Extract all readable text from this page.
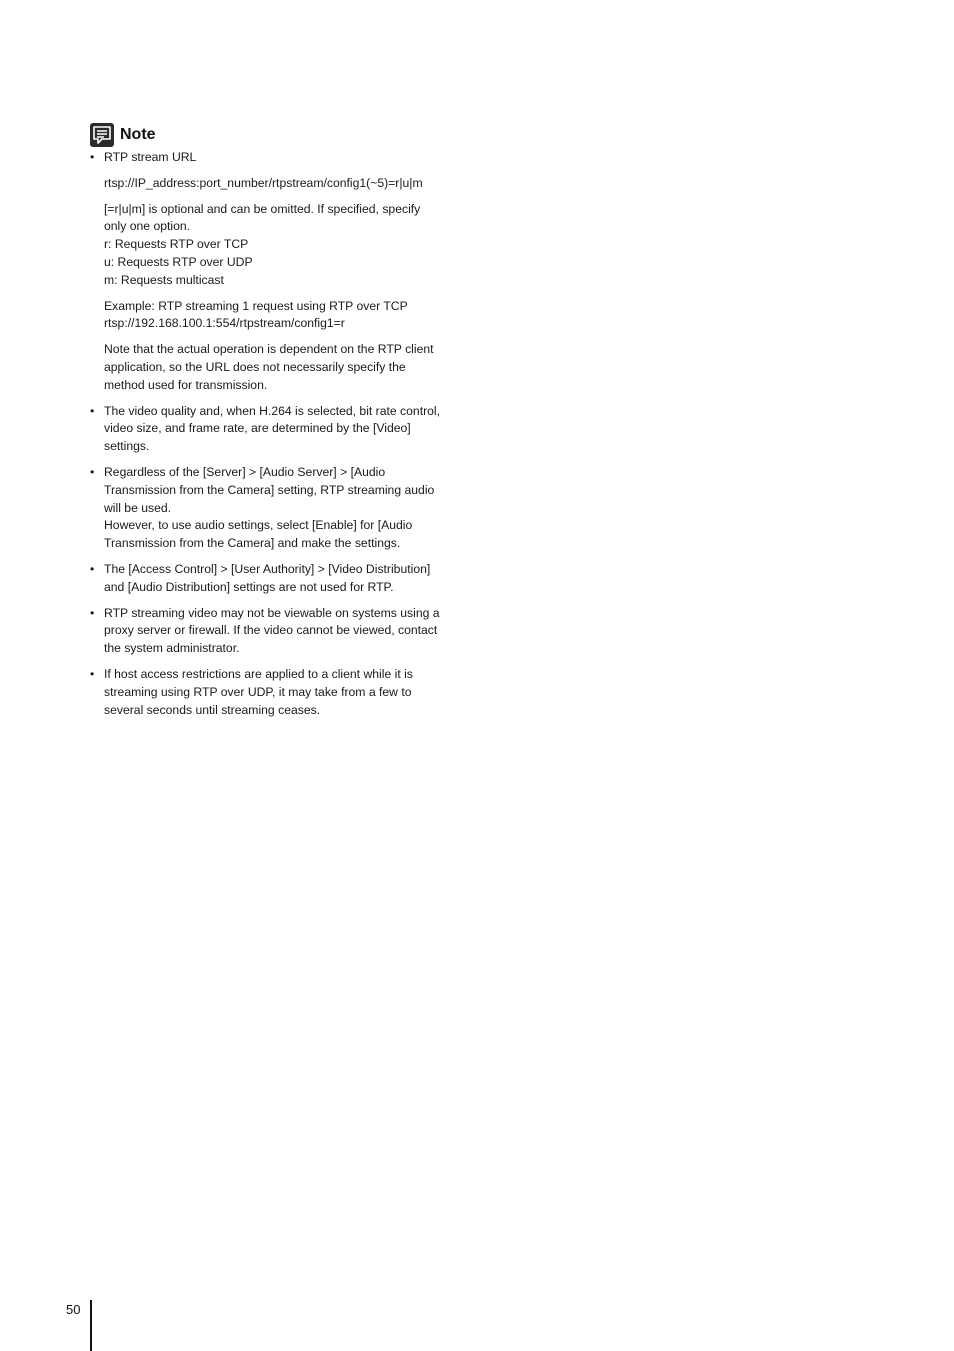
Note
• RTP stream URL

rtsp://IP_address:port_number/rtpstream/config1(~5)=r|u|m

[=r|u|m] is optional and can be omitted. If specified, specify
only one option.
r: Requests RTP over TCP
u: Requests RTP over UDP
m: Requests multicast

Example: RTP streaming 1 request using RTP over TCP
rtsp://192.168.100.1:554/rtpstream/config1=r

Note that the actual operation is dependent on the RTP client
application, so the URL does not necessarily specify the
method used for transmission.

• The video quality and, when H.264 is selected, bit rate control,
video size, and frame rate, are determined by the [Video]
settings.

• Regardless of the [Server] > [Audio Server] > [Audio
Transmission from the Camera] setting, RTP streaming audio
will be used.
However, to use audio settings, select [Enable] for [Audio
Transmission from the Camera] and make the settings.

• The [Access Control] > [User Authority] > [Video Distribution]
and [Audio Distribution] settings are not used for RTP.

• RTP streaming video may not be viewable on systems using a
proxy server or firewall. If the video cannot be viewed, contact
the system administrator.

• If host access restrictions are applied to a client while it is
streaming using RTP over UDP, it may take from a few to
several seconds until streaming ceases.

50
